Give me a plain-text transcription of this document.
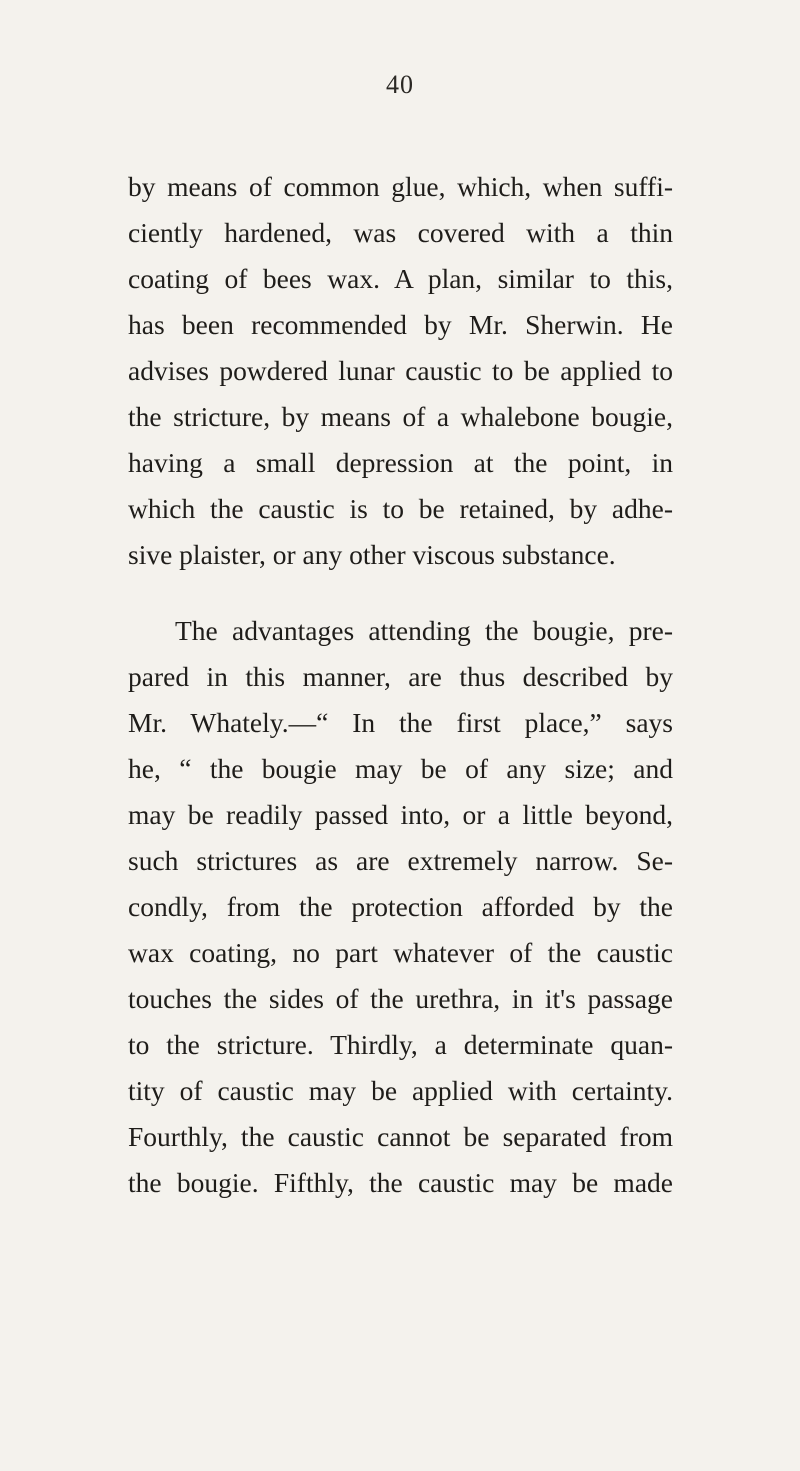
40
by means of common glue, which, when suffi-
ciently hardened, was covered with a thin
coating of bees wax. A plan, similar to this,
has been recommended by Mr. Sherwin. He
advises powdered lunar caustic to be applied to
the stricture, by means of a whalebone bougie,
having a small depression at the point, in
which the caustic is to be retained, by adhe-
sive plaister, or any other viscous substance.
The advantages attending the bougie, pre-
pared in this manner, are thus described by
Mr. Whately.—“ In the first place,” says
he, “ the bougie may be of any size; and
may be readily passed into, or a little beyond,
such strictures as are extremely narrow. Se-
condly, from the protection afforded by the
wax coating, no part whatever of the caustic
touches the sides of the urethra, in it's passage
to the stricture. Thirdly, a determinate quan-
tity of caustic may be applied with certainty.
Fourthly, the caustic cannot be separated from
the bougie. Fifthly, the caustic may be made
